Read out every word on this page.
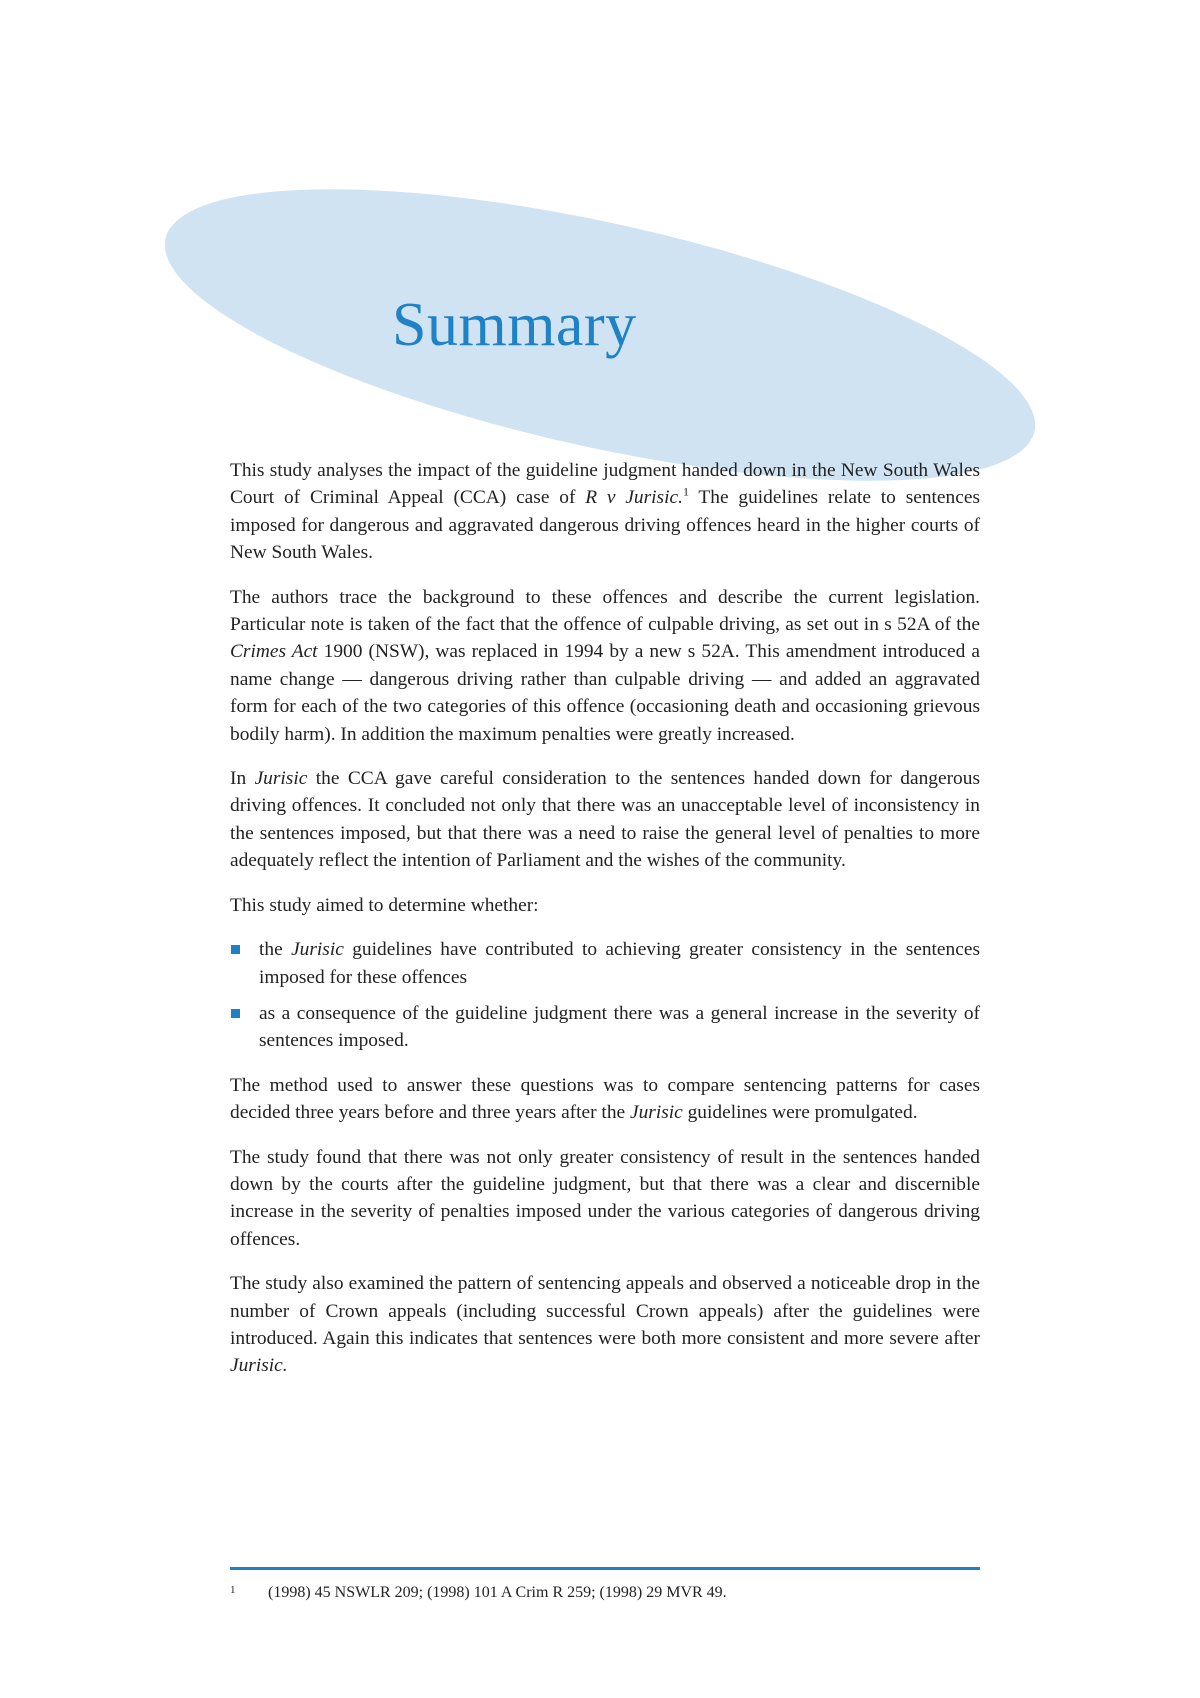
Summary

This study analyses the impact of the guideline judgment handed down in the New South Wales Court of Criminal Appeal (CCA) case of R v Jurisic.$^1$ The guidelines relate to sentences imposed for dangerous and aggravated dangerous driving offences heard in the higher courts of New South Wales.

The authors trace the background to these offences and describe the current legislation. Particular note is taken of the fact that the offence of culpable driving, as set out in s 52A of the Crimes Act 1900 (NSW), was replaced in 1994 by a new s 52A. This amendment introduced a name change — dangerous driving rather than culpable driving — and added an aggravated form for each of the two categories of this offence (occasioning death and occasioning grievous bodily harm). In addition the maximum penalties were greatly increased.

In Jurisic the CCA gave careful consideration to the sentences handed down for dangerous driving offences. It concluded not only that there was an unacceptable level of inconsistency in the sentences imposed, but that there was a need to raise the general level of penalties to more adequately reflect the intention of Parliament and the wishes of the community.

This study aimed to determine whether:

the Jurisic guidelines have contributed to achieving greater consistency in the sentences imposed for these offences
as a consequence of the guideline judgment there was a general increase in the severity of sentences imposed.

The method used to answer these questions was to compare sentencing patterns for cases decided three years before and three years after the Jurisic guidelines were promulgated.

The study found that there was not only greater consistency of result in the sentences handed down by the courts after the guideline judgment, but that there was a clear and discernible increase in the severity of penalties imposed under the various categories of dangerous driving offences.

The study also examined the pattern of sentencing appeals and observed a noticeable drop in the number of Crown appeals (including successful Crown appeals) after the guidelines were introduced. Again this indicates that sentences were both more consistent and more severe after Jurisic.

1 (1998) 45 NSWLR 209; (1998) 101 A Crim R 259; (1998) 29 MVR 49.
